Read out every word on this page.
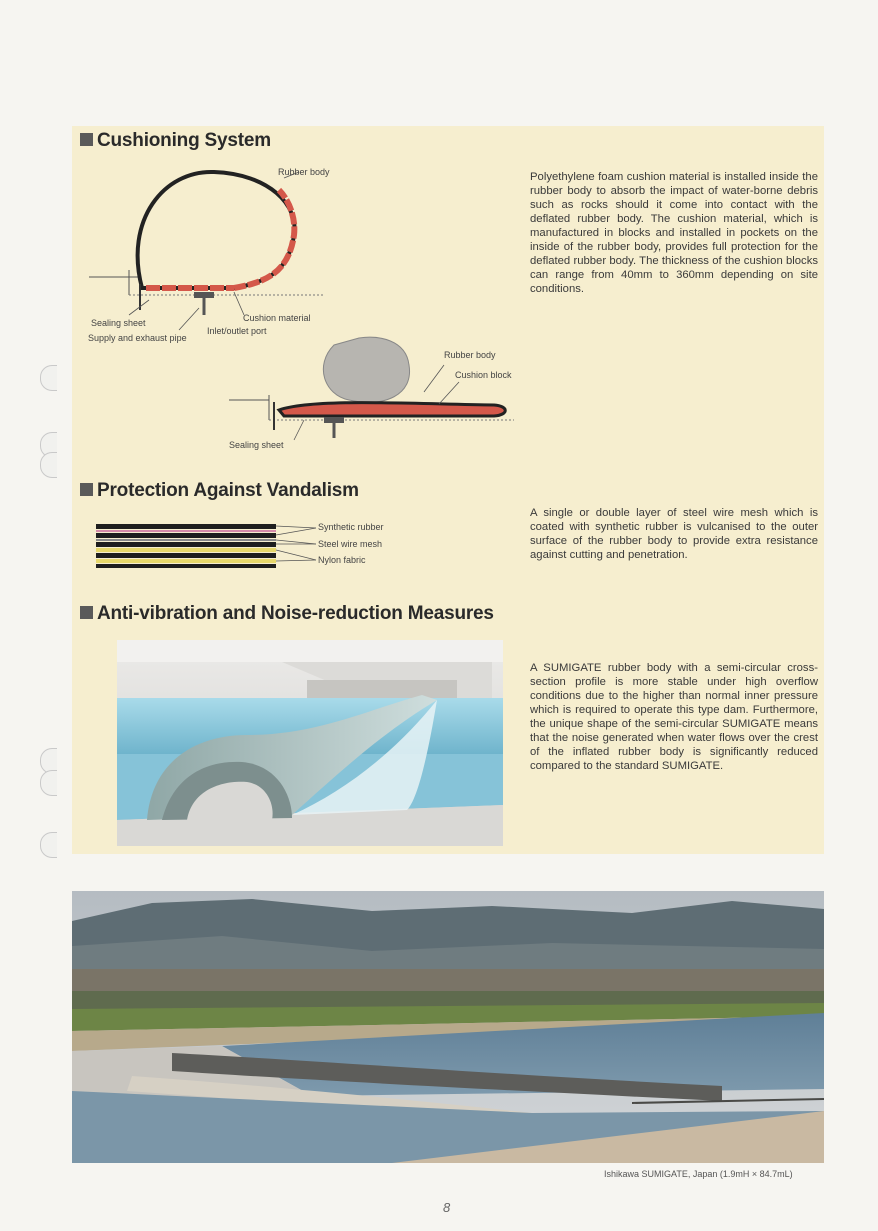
Cushioning System
Rubber body
Cushion material
Sealing sheet
Inlet/outlet port
Supply and exhaust pipe
Rubber body
Cushion block
Sealing sheet
Polyethylene foam cushion material is installed inside the rubber body to absorb the impact of water-borne debris such as rocks should it come into contact with the deflated rubber body. The cushion material, which is manufactured in blocks and installed in pockets on the inside of the rubber body, provides full protection for the deflated rubber body. The thickness of the cushion blocks can range from 40mm to 360mm depending on site conditions.
Protection Against Vandalism
Synthetic rubber
Steel wire mesh
Nylon fabric
A single or double layer of steel wire mesh which is coated with synthetic rubber is vulcanised to the outer surface of the rubber body to provide extra resistance against cutting and penetration.
Anti-vibration and Noise-reduction Measures
A SUMIGATE rubber body with a semi-circular cross-section profile is more stable under high overflow conditions due to the higher than normal inner pressure which is required to operate this type dam. Furthermore, the unique shape of the semi-circular SUMIGATE means that the noise generated when water flows over the crest of the inflated rubber body is significantly reduced compared to the standard SUMIGATE.
Ishikawa SUMIGATE, Japan (1.9mH × 84.7mL)
8
